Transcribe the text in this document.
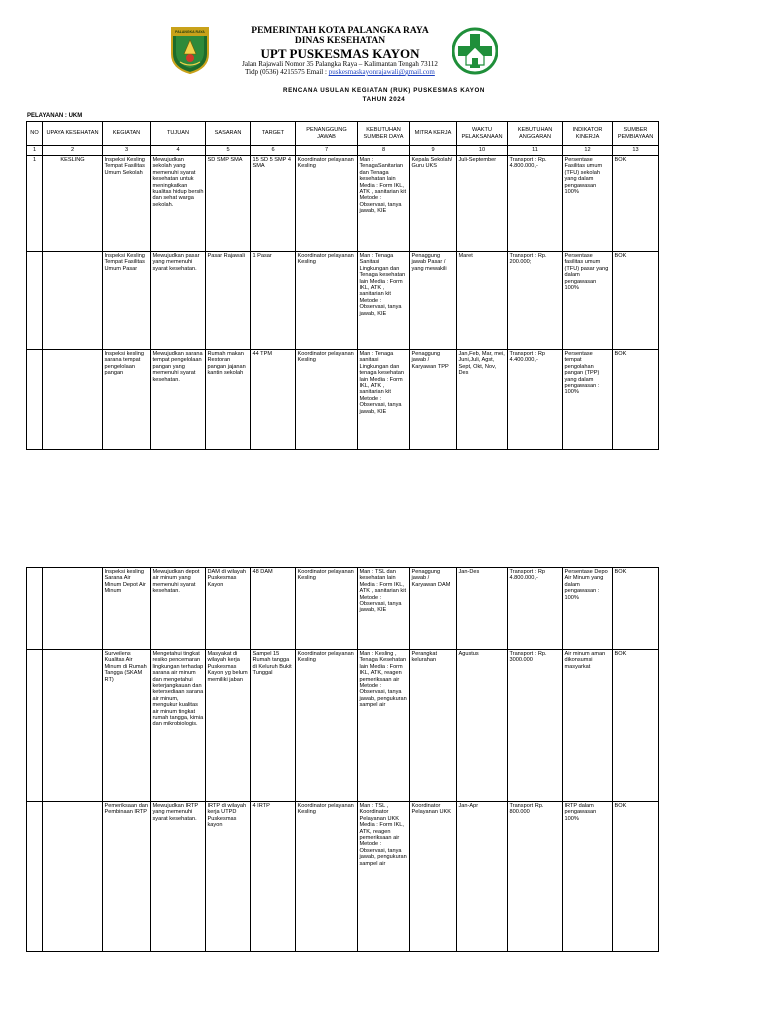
PALANGKA RAYA	PEMERINTAH KOTA PALANGKA RAYA
DINAS KESEHATAN
UPT PUSKESMAS KAYON
Jalan Rajawali Nomor 35 Palangka Raya – Kalimantan Tengah 73112
Tidp (0536) 4215575 Email : puskesmaskayonrajawali@gmail.com
RENCANA USULAN KEGIATAN (RUK) PUSKESMAS KAYON
TAHUN 2024
PELAYANAN : UKM
NO	UPAYA KESEHATAN	KEGIATAN	TUJUAN	SASARAN	TARGET	PENANGGUNG JAWAB	KEBUTUHAN SUMBER DAYA	MITRA KERJA	WAKTU PELAKSANAAN	KEBUTUHAN ANGGARAN	INDIKATOR KINERJA	SUMBER PEMBIAYAAN
1	2	3	4	5	6	7	8	9	10	11	12	13
1	KESLING	Inspeksi Kesling Tempat Fasilitas Umum Sekolah	Mewujudkan sekolah yang memenuhi syarat kesehatan untuk meningkatkan kualitas hidup bersih dan sehat warga sekolah.	SD SMP SMA	15 SD 5 SMP 4 SMA	Koordinator pelayanan Kesling	Man : TenagaSanitarian dan Tenaga kesehatan lain Media : Form IKL, ATK , sanitarian kit Metode : Observasi, tanya jawab, KIE	Kepala Sekolah/ Guru UKS	Juli-September	Transport : Rp. 4.800.000,-	Persentase Fasilitas umum (TFU) sekolah yang dalam pengawasan 100%	BOK
		Inspeksi Kesling Tempat Fasilitas Umum Pasar	Mewujudkan pasar yang memenuhi syarat kesehatan.	Pasar Rajawali	1 Pasar	Koordinator pelayanan Kesling	Man : Tenaga Sanitasi Lingkungan dan Tenaga kesehatan lain Media : Form IKL, ATK , sanitarian kit Metode : Observasi, tanya jawab, KIE	Penaggung jawab Pasar / yang mewakili	Maret	Transport : Rp. 200.000;	Persentase fasilitas umum (TFU) pasar yang dalam pengawasan 100%	BOK
		Inspeksi kesling sarana tempat pengelolaan pangan	Mewujudkan sarana tempat pengelolaan pangan yang memenuhi syarat kesehatan.	Rumah makan Restoran pangan jajanan kantin sekolah	44 TPM	Koordinator pelayanan Kesling	Man : Tenaga sanitasi Lingkungan dan tenaga kesehatan lain Media : Form IKL, ATK , sanitarian kit Metode : Observasi, tanya jawab, KIE	Penaggung jawab / Karyawan TPP	Jan,Feb, Mar, mei, Juni,Juli, Agst, Sept, Okt, Nov, Des	Transport : Rp 4.400.000,-	Persentase tempat pengolahan pangan (TPP) yang dalam pengawasan : 100%	BOK
		Inspeksi kesling Sarana Air Minum Depot Air Minum	Mewujudkan depot air minum yang memenuhi syarat kesehatan.	DAM di wilayah Puskesmas Kayon	48 DAM	Koordinator pelayanan Kesling	Man : TSL dan kesehatan lain Media : Form IKL, ATK , sanitarian kit Metode : Observasi, tanya jawab, KIE	Penaggung jawab / Karyawan DAM	Jan-Des	Transport : Rp 4.800.000,-	Persentase Depo Air Minum yang dalam pengawasan : 100%	BOK
		Surveilens Kualitas Air Minum di Rumah Tangga (SKAM RT)	Mengetahui tingkat resiko pencemaran lingkungan terhadap sarana air minum dan mengetahui keterjangkauan dan ketersediaan sarana air minum, mengukur kualitas air minum tingkat rumah tangga, kimia dan mikrobiologis.	Masyakat di wilayah kerja Puskesmas Kayon yg belum memiliki jaban	Sampel 15 Rumah tangga di Keluruh Bukit Tunggal	Koordinator pelayanan Kesling	Man : Kesling , Tenaga Kesehatan lain Media : Form IKL, ATK, reagen pemeriksaan air Metode : Observasi, tanya jawab, pengukuran sampel air	Perangkat kelurahan	Agustus	Transport : Rp. 3000.000	Air minum aman dikonsumsi masyarkat	BOK
		Pemeriksaan dan Pembinaan IRTP	Mewujudkan IRTP yang memenuhi syarat kesehatan.	IRTP di wilayah kerja UTPD Puskesmas kayon	4 IRTP	Koordinator pelayanan Kesling	Man : TSL , Koordinator Pelayanan UKK Media : Form IKL, ATK, reagen pemeriksaan air Metode : Observasi, tanya jawab, pengukuran sampel air	Koordinator Pelayanan UKK	Jan-Apr	Transport Rp. 800.000	IRTP dalam pengawasan 100%	BOK
